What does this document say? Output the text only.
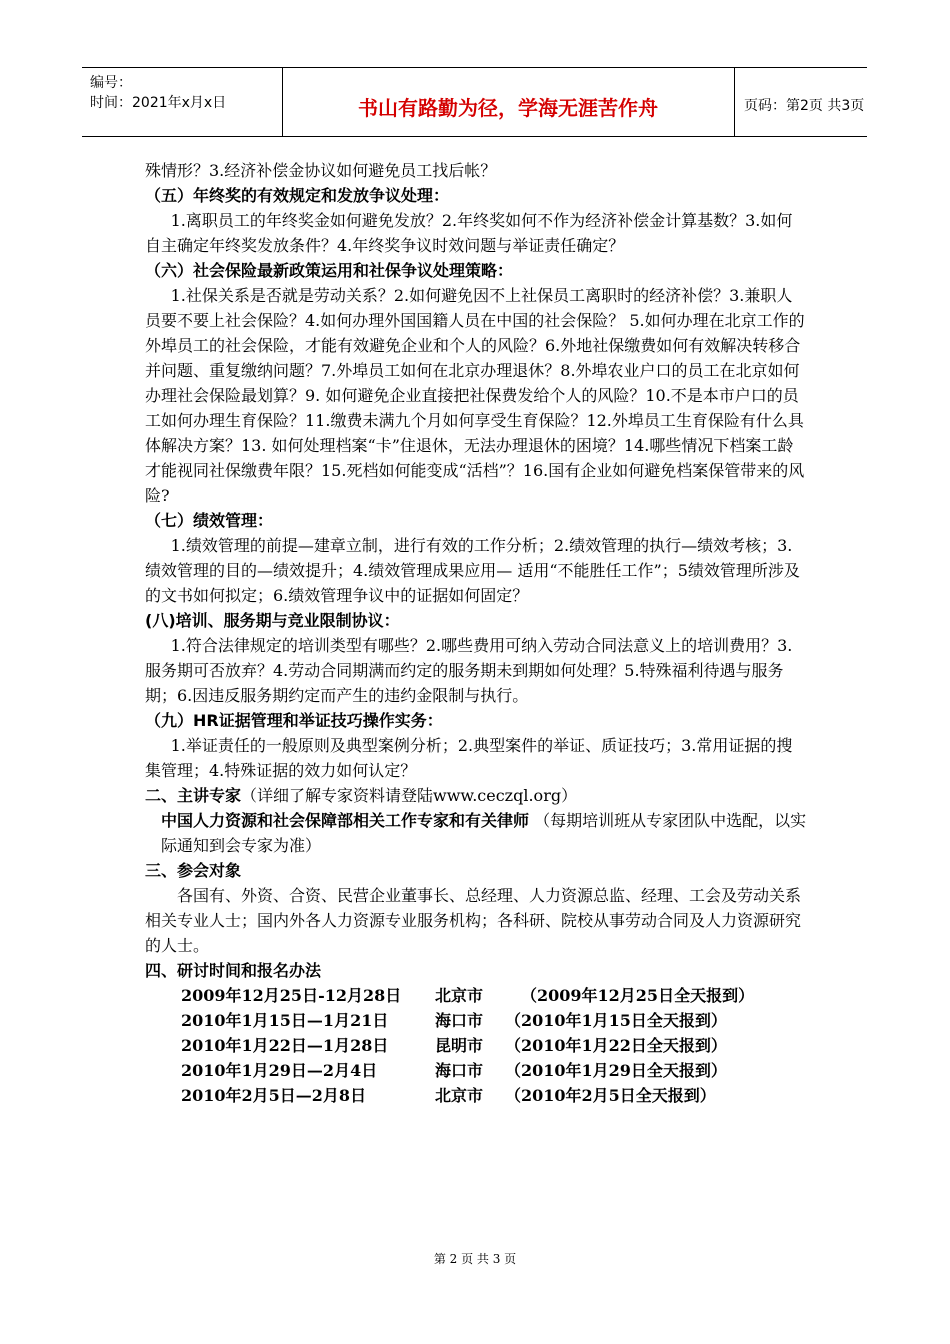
编号：
时间：2021年x月x日	书山有路勤为径，学海无涯苦作舟	页码：第2页 共3页

殊情形？3.经济补偿金协议如何避免员工找后帐？

（五）年终奖的有效规定和发放争议处理：

1.离职员工的年终奖金如何避免发放？2.年终奖如何不作为经济补偿金计算基数？3.如何自主确定年终奖发放条件？4.年终奖争议时效问题与举证责任确定？

（六）社会保险最新政策运用和社保争议处理策略：

1.社保关系是否就是劳动关系？2.如何避免因不上社保员工离职时的经济补偿？3.兼职人员要不要上社会保险？4.如何办理外国国籍人员在中国的社会保险？ 5.如何办理在北京工作的外埠员工的社会保险，才能有效避免企业和个人的风险？6.外地社保缴费如何有效解决转移合并问题、重复缴纳问题？7.外埠员工如何在北京办理退休？8.外埠农业户口的员工在北京如何办理社会保险最划算？9. 如何避免企业直接把社保费发给个人的风险？10.不是本市户口的员工如何办理生育保险？11.缴费未满九个月如何享受生育保险？12.外埠员工生育保险有什么具体解决方案？13. 如何处理档案“卡”住退休，无法办理退休的困境？14.哪些情况下档案工龄才能视同社保缴费年限？15.死档如何能变成“活档”？16.国有企业如何避免档案保管带来的风险?

（七）绩效管理：

1.绩效管理的前提—建章立制，进行有效的工作分析；2.绩效管理的执行—绩效考核；3.绩效管理的目的—绩效提升；4.绩效管理成果应用— 适用“不能胜任工作”；5绩效管理所涉及的文书如何拟定；6.绩效管理争议中的证据如何固定？

(八)培训、服务期与竞业限制协议：

1.符合法律规定的培训类型有哪些？2.哪些费用可纳入劳动合同法意义上的培训费用？3.服务期可否放弃？4.劳动合同期满而约定的服务期未到期如何处理？5.特殊福利待遇与服务期；6.因违反服务期约定而产生的违约金限制与执行。

（九）HR证据管理和举证技巧操作实务：

1.举证责任的一般原则及典型案例分析；2.典型案件的举证、质证技巧；3.常用证据的搜集管理；4.特殊证据的效力如何认定？

二、主讲专家（详细了解专家资料请登陆www.ceczql.org）

中国人力资源和社会保障部相关工作专家和有关律师 （每期培训班从专家团队中选配，以实际通知到会专家为准）

三、参会对象

各国有、外资、合资、民营企业董事长、总经理、人力资源总监、经理、工会及劳动关系相关专业人士；国内外各人力资源专业服务机构；各科研、院校从事劳动合同及人力资源研究的人士。

四、研讨时间和报名办法

2009年12月25日-12月28日 北京市 （2009年12月25日全天报到）

2010年1月15日—1月21日	海口市 （2010年1月15日全天报到）

2010年1月22日—1月28日	昆明市 （2010年1月22日全天报到）

2010年1月29日—2月4日	海口市 （2010年1月29日全天报到）

2010年2月5日—2月8日	北京市 （2010年2月5日全天报到）

第 2 页 共 3 页
